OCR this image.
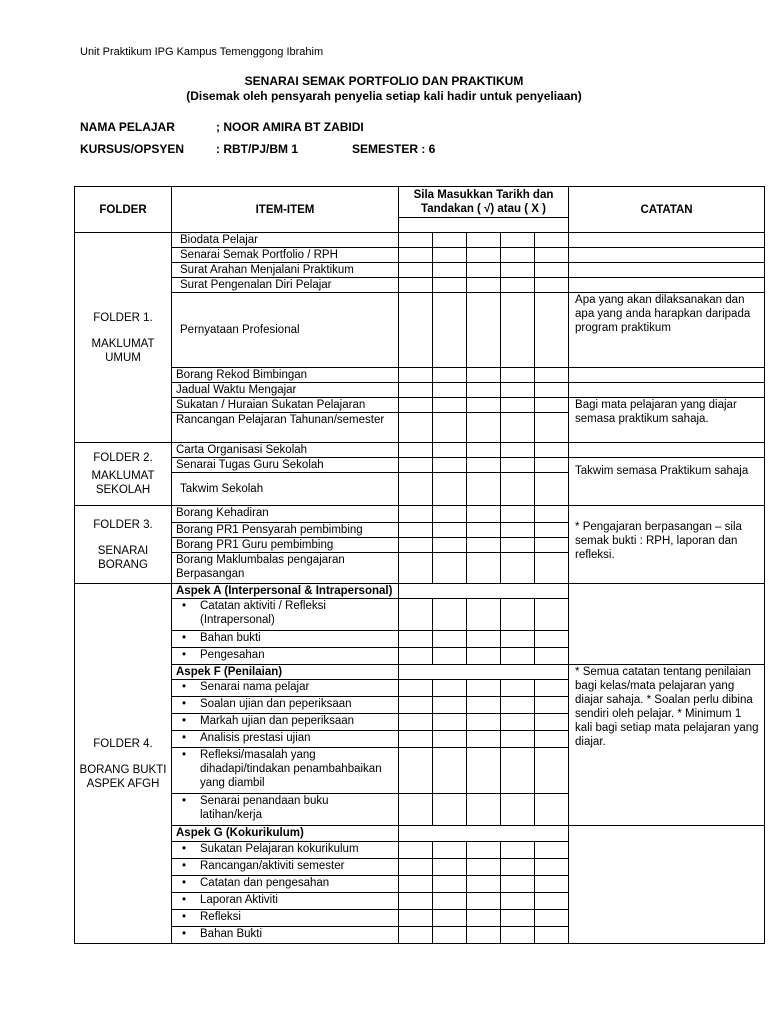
Unit Praktikum IPG Kampus Temenggong Ibrahim
SENARAI SEMAK PORTFOLIO DAN PRAKTIKUM
(Disemak oleh pensyarah penyelia setiap kali hadir untuk penyeliaan)
NAMA PELAJAR	; NOOR AMIRA BT ZABIDI
KURSUS/OPSYEN	: RBT/PJ/BM 1	SEMESTER : 6
FOLDER	ITEM-ITEM	Sila Masukkan Tarikh dan Tandakan ( √) atau ( X )					CATATAN

FOLDER 1.

MAKLUMAT UMUM	Biodata Pelajar						
	Senarai Semak Portfolio / RPH						
	Surat Arahan Menjalani Praktikum						
	Surat Pengenalan Diri Pelajar						
	Pernyataan Profesional						Apa yang akan dilaksanakan dan apa yang anda harapkan daripada program praktikum
	Borang Rekod Bimbingan						
	Jadual Waktu Mengajar						
	Sukatan / Huraian Sukatan Pelajaran						Bagi mata pelajaran yang diajar semasa praktikum sahaja.
	Rancangan Pelajaran Tahunan/semester						

FOLDER 2.

MAKLUMAT SEKOLAH	Carta Organisasi Sekolah						
	Senarai Tugas Guru Sekolah						Takwim semasa Praktikum sahaja
	Takwim Sekolah						

FOLDER 3.

SENARAI BORANG	Borang Kehadiran						* Pengajaran berpasangan – sila semak bukti : RPH, laporan dan refleksi.
	Borang PR1 Pensyarah pembimbing						
	Borang PR1 Guru pembimbing						
	Borang Maklumbalas pengajaran Berpasangan						

FOLDER 4.

BORANG BUKTI ASPEK AFGH	Aspek A (Interpersonal & Intrapersonal)						
	• Catatan aktiviti / Refleksi (Intrapersonal)						
	• Bahan bukti						
	• Pengesahan						
	Aspek F (Penilaian)						* Semua catatan tentang penilaian bagi kelas/mata pelajaran yang diajar sahaja. * Soalan perlu dibina sendiri oleh pelajar. * Minimum 1 kali bagi setiap mata pelajaran yang diajar.
	• Senarai nama pelajar						
	• Soalan ujian dan peperiksaan						
	• Markah ujian dan peperiksaan						
	• Analisis prestasi ujian						
	• Refleksi/masalah yang dihadapi/tindakan penambahbaikan yang diambil						
	• Senarai penandaan buku latihan/kerja						
	Aspek G (Kokurikulum)						
	• Sukatan Pelajaran kokurikulum						
	• Rancangan/aktiviti semester						
	• Catatan dan pengesahan						
	• Laporan Aktiviti						
	• Refleksi						
	• Bahan Bukti						
